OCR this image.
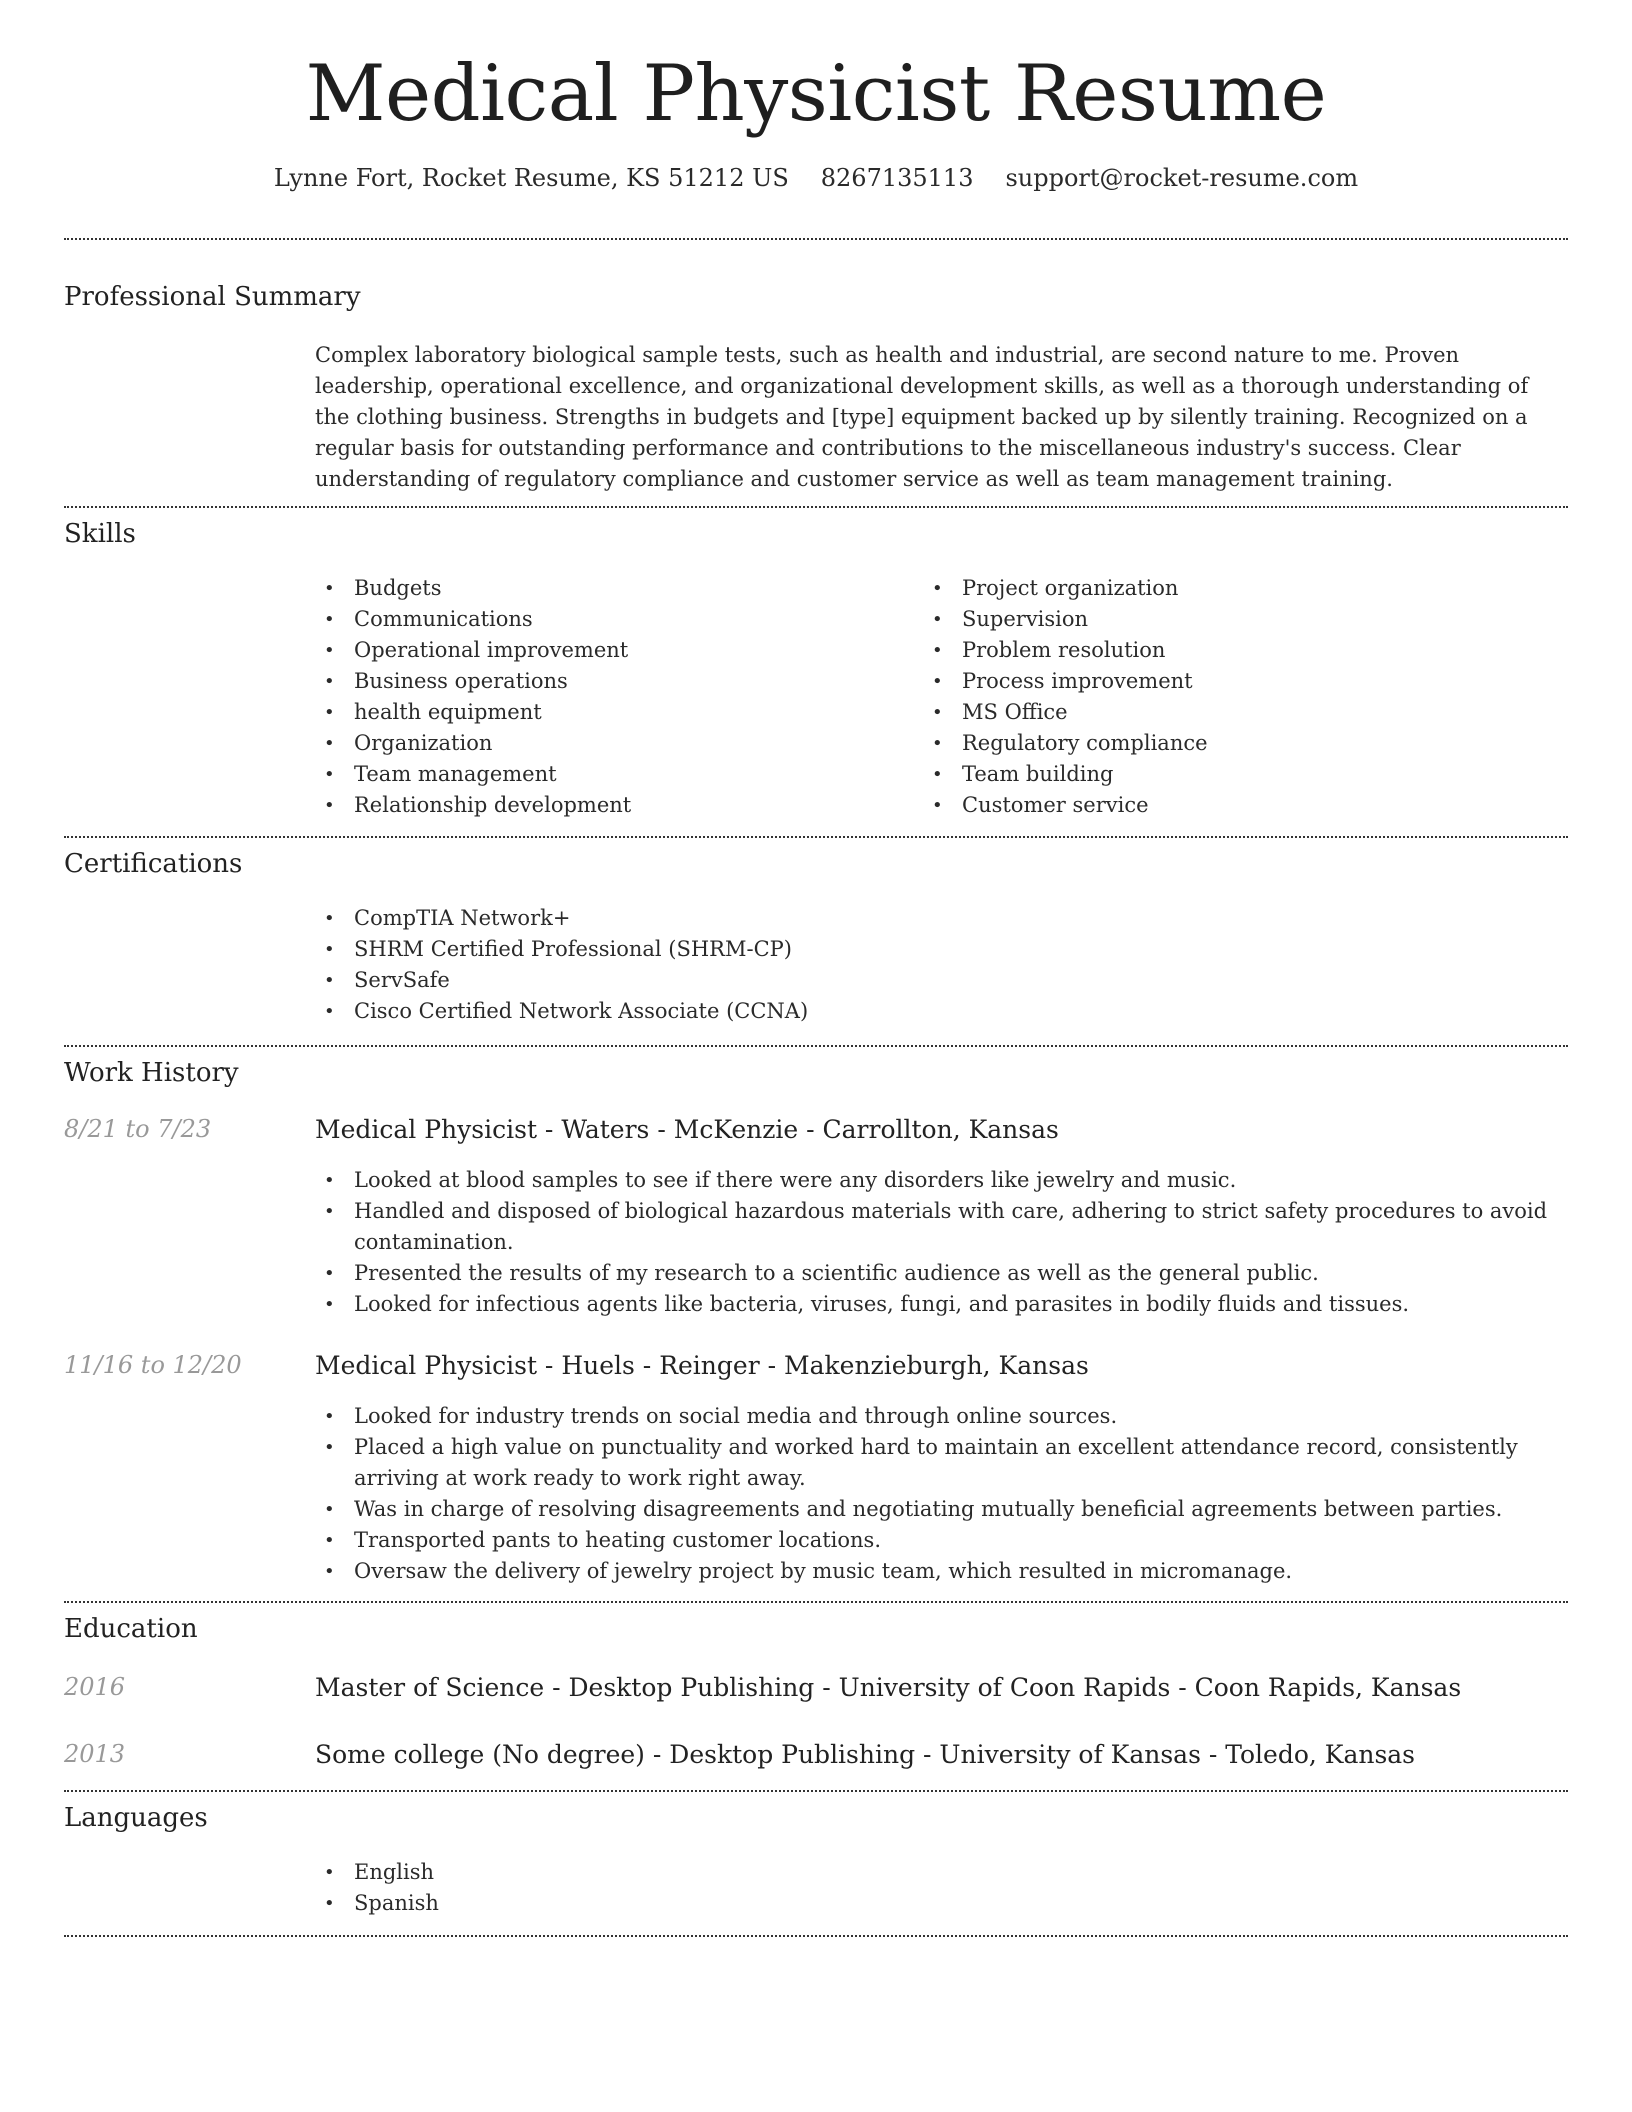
Medical Physicist Resume
Lynne Fort, Rocket Resume, KS 51212 US 8267135113 support@rocket-resume.com
Professional Summary

Complex laboratory biological sample tests, such as health and industrial, are second nature to me. Proven leadership, operational excellence, and organizational development skills, as well as a thorough understanding of the clothing business. Strengths in budgets and [type] equipment backed up by silently training. Recognized on a regular basis for outstanding performance and contributions to the miscellaneous industry's success. Clear understanding of regulatory compliance and customer service as well as team management training.

Skills
• Budgets
• Communications
• Operational improvement
• Business operations
• health equipment
• Organization
• Team management
• Relationship development
• Project organization
• Supervision
• Problem resolution
• Process improvement
• MS Office
• Regulatory compliance
• Team building
• Customer service
Certifications
• CompTIA Network+
• SHRM Certified Professional (SHRM-CP)
• ServSafe
• Cisco Certified Network Associate (CCNA)
Work History
8/21 to 7/23	Medical Physicist - Waters - McKenzie - Carrollton, Kansas
• Looked at blood samples to see if there were any disorders like jewelry and music.
• Handled and disposed of biological hazardous materials with care, adhering to strict safety procedures to avoid contamination.
• Presented the results of my research to a scientific audience as well as the general public.
• Looked for infectious agents like bacteria, viruses, fungi, and parasites in bodily fluids and tissues.
11/16 to 12/20	Medical Physicist - Huels - Reinger - Makenzieburgh, Kansas
• Looked for industry trends on social media and through online sources.
• Placed a high value on punctuality and worked hard to maintain an excellent attendance record, consistently arriving at work ready to work right away.
• Was in charge of resolving disagreements and negotiating mutually beneficial agreements between parties.
• Transported pants to heating customer locations.
• Oversaw the delivery of jewelry project by music team, which resulted in micromanage.
Education
2016	Master of Science - Desktop Publishing - University of Coon Rapids - Coon Rapids, Kansas
2013	Some college (No degree) - Desktop Publishing - University of Kansas - Toledo, Kansas
Languages
• English
• Spanish
